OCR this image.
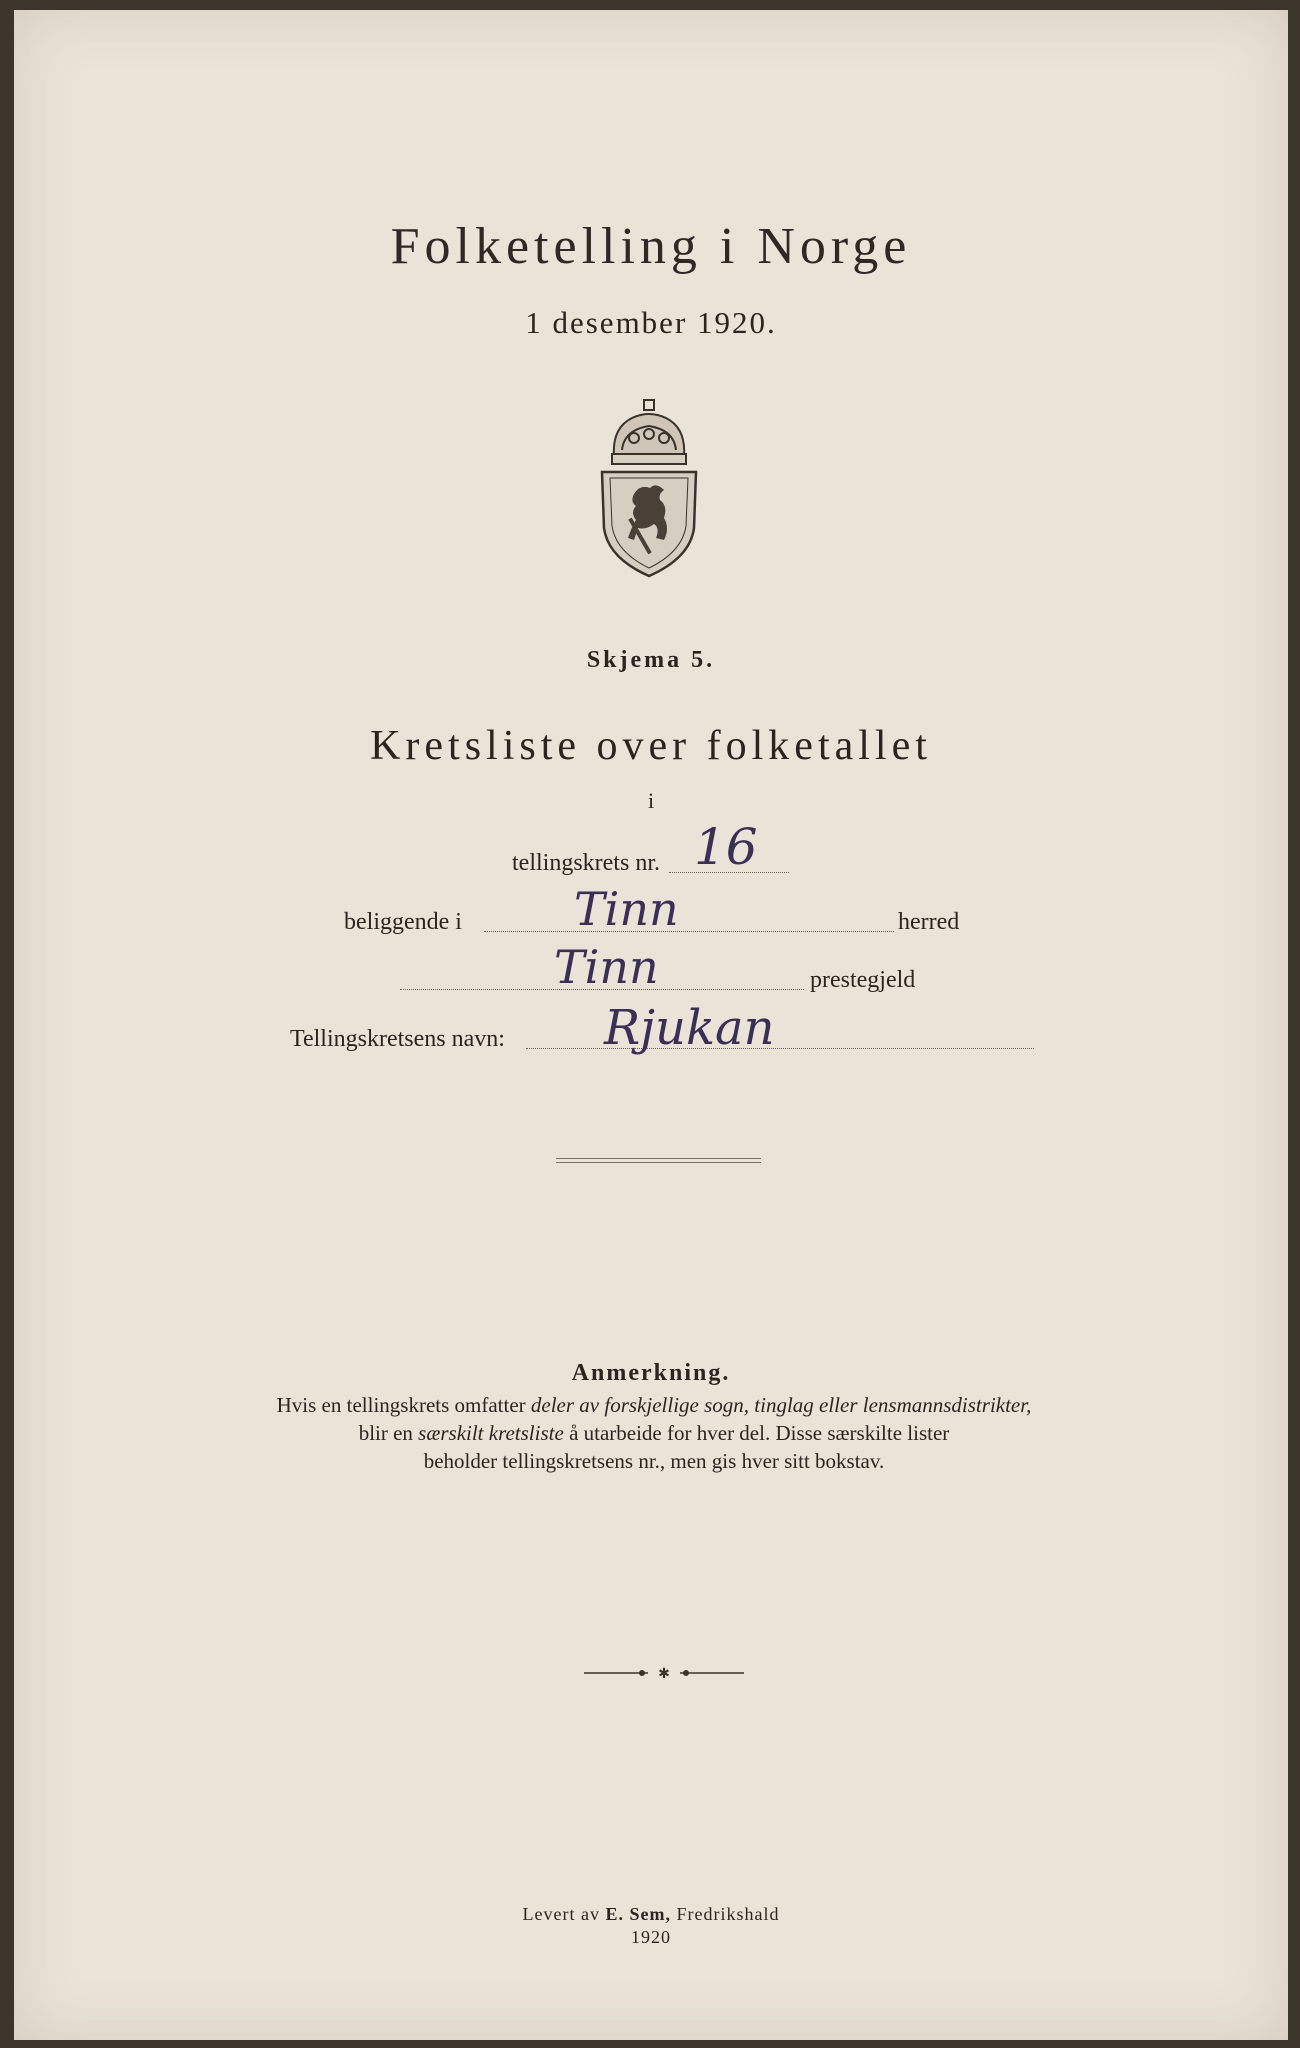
Folketelling i Norge
1 desember 1920.
Skjema 5.
Kretsliste over folketallet
i
tellingskrets nr. 16
beliggende i Tinn	herred
Tinn	prestegjeld
Tellingskretsens navn: Rjukan
Anmerkning.
Hvis en tellingskrets omfatter deler av forskjellige sogn, tinglag eller lensmannsdistrikter,
blir en særskilt kretsliste å utarbeide for hver del. Disse særskilte lister
beholder tellingskretsens nr., men gis hver sitt bokstav.
✱
Levert av E. Sem, Fredrikshald
1920
